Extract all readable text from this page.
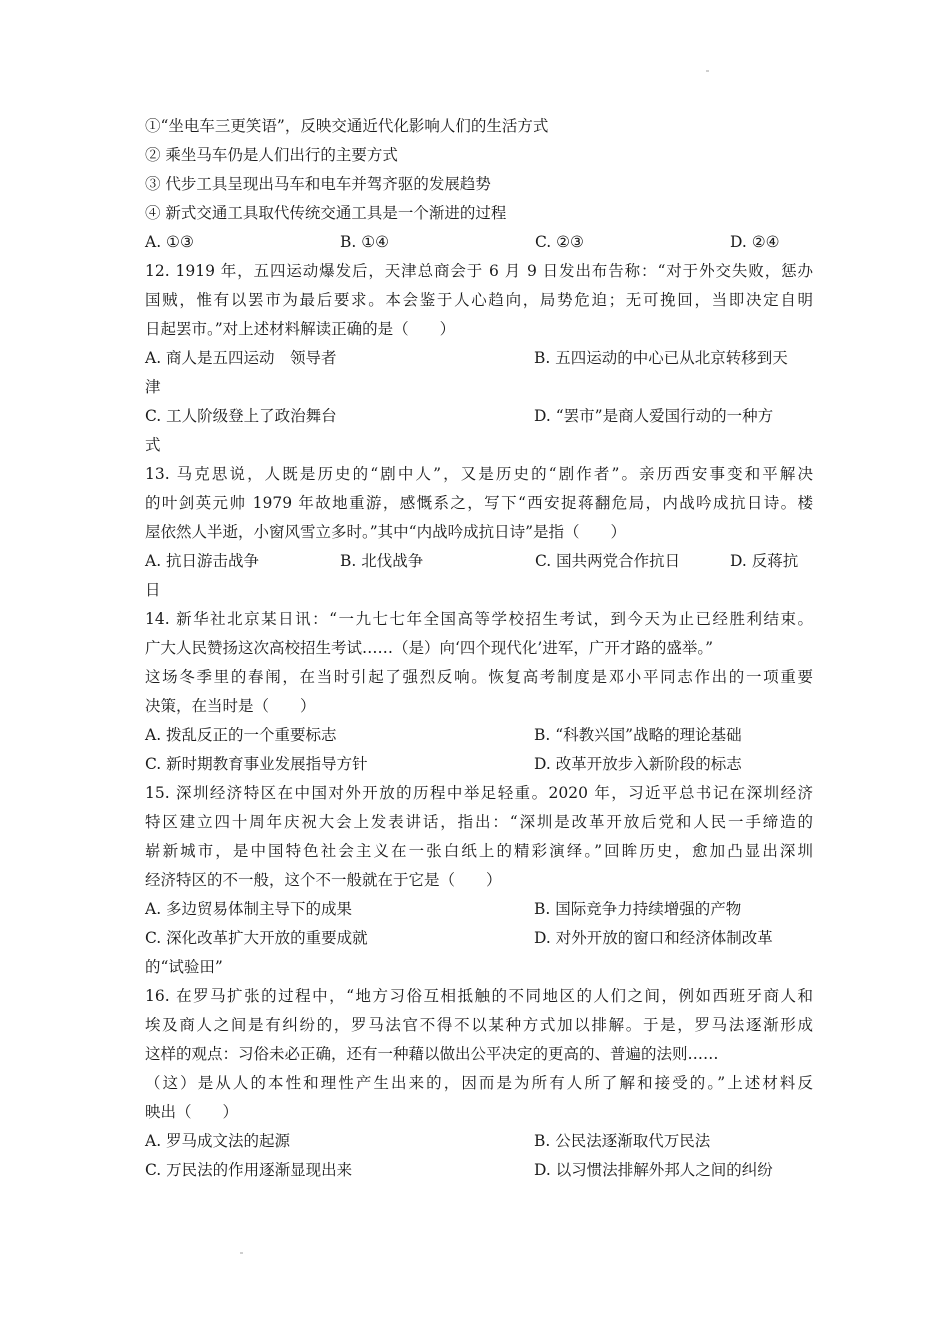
①“坐电车三更笑语”，反映交通近代化影响人们的生活方式
② 乘坐马车仍是人们出行的主要方式
③ 代步工具呈现出马车和电车并驾齐驱的发展趋势
④ 新式交通工具取代传统交通工具是一个渐进的过程
A. ①③	B. ①④	C. ②③	D. ②④
12. 1919 年，五四运动爆发后，天津总商会于 6 月 9 日发出布告称：“对于外交失败，惩办
国贼，惟有以罢市为最后要求。本会鉴于人心趋向，局势危迫；无可挽回，当即决定自明
日起罢市。”对上述材料解读正确的是（　　）
A. 商人是五四运动　领导者	B. 五四运动的中心已从北京转移到天
津
C. 工人阶级登上了政治舞台	D. “罢市”是商人爱国行动的一种方
式
13. 马克思说，人既是历史的“剧中人”，又是历史的“剧作者”。亲历西安事变和平解决
的叶剑英元帅 1979 年故地重游，感慨系之，写下“西安捉蒋翻危局，内战吟成抗日诗。楼
屋依然人半逝，小窗风雪立多时。”其中“内战吟成抗日诗”是指（　　）
A. 抗日游击战争	B. 北伐战争	C. 国共两党合作抗日	D. 反蒋抗
日
14. 新华社北京某日讯：“一九七七年全国高等学校招生考试，到今天为止已经胜利结束。
广大人民赞扬这次高校招生考试……（是）向‘四个现代化’进军，广开才路的盛举。”
这场冬季里的春闱，在当时引起了强烈反响。恢复高考制度是邓小平同志作出的一项重要
决策，在当时是（　　）
A. 拨乱反正的一个重要标志	B. “科教兴国”战略的理论基础
C. 新时期教育事业发展指导方针	D. 改革开放步入新阶段的标志
15. 深圳经济特区在中国对外开放的历程中举足轻重。2020 年，习近平总书记在深圳经济
特区建立四十周年庆祝大会上发表讲话，指出：“深圳是改革开放后党和人民一手缔造的
崭新城市，是中国特色社会主义在一张白纸上的精彩演绎。”回眸历史，愈加凸显出深圳
经济特区的不一般，这个不一般就在于它是（　　）
A. 多边贸易体制主导下的成果	B. 国际竞争力持续增强的产物
C. 深化改革扩大开放的重要成就	D. 对外开放的窗口和经济体制改革
的“试验田”
16. 在罗马扩张的过程中，“地方习俗互相抵触的不同地区的人们之间，例如西班牙商人和
埃及商人之间是有纠纷的，罗马法官不得不以某种方式加以排解。于是，罗马法逐渐形成
这样的观点：习俗未必正确，还有一种藉以做出公平决定的更高的、普遍的法则……
（这）是从人的本性和理性产生出来的，因而是为所有人所了解和接受的。”上述材料反
映出（　　）
A. 罗马成文法的起源	B. 公民法逐渐取代万民法
C. 万民法的作用逐渐显现出来	D. 以习惯法排解外邦人之间的纠纷
